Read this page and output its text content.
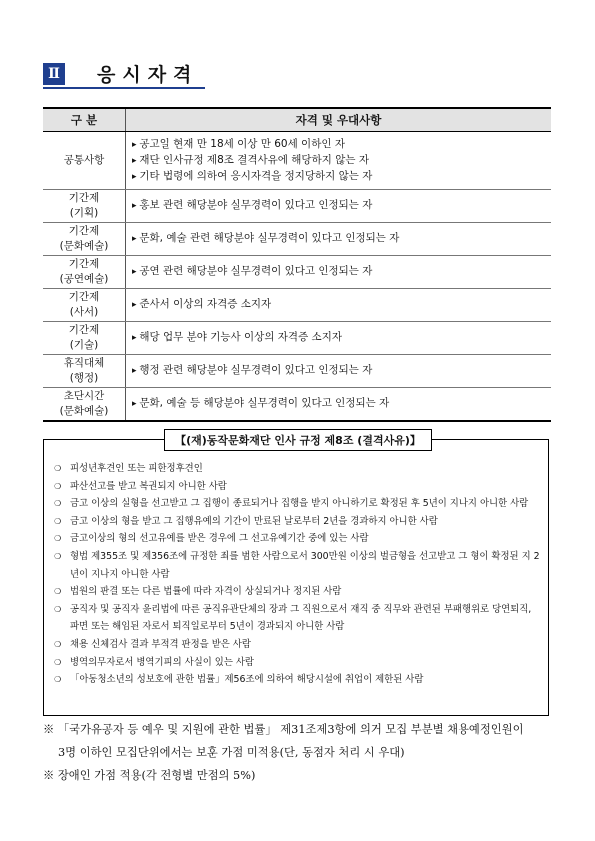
Ⅱ 응시자격
구 분	자격 및 우대사항

공통사항	▸ 공고일 현재 만 18세 이상 만 60세 이하인 자
▸ 재단 인사규정 제8조 결격사유에 해당하지 않는 자
▸ 기타 법령에 의하여 응시자격을 정지당하지 않는 자

기간제
(기획)	▸ 홍보 관련 해당분야 실무경력이 있다고 인정되는 자

기간제
(문화예술)	▸ 문화, 예술 관련 해당분야 실무경력이 있다고 인정되는 자

기간제
(공연예술)	▸ 공연 관련 해당분야 실무경력이 있다고 인정되는 자

기간제
(사서)	▸ 준사서 이상의 자격증 소지자

기간제
(기술)	▸ 해당 업무 분야 기능사 이상의 자격증 소지자

휴직대체
(행정)	▸ 행정 관련 해당분야 실무경력이 있다고 인정되는 자

초단시간
(문화예술)	▸ 문화, 예술 등 해당분야 실무경력이 있다고 인정되는 자
【(재)동작문화재단 인사 규정 제8조 (결격사유)】
❍ 피성년후견인 또는 피한정후견인
❍ 파산선고를 받고 복권되지 아니한 사람
❍ 금고 이상의 실형을 선고받고 그 집행이 종료되거나 집행을 받지 아니하기로 확정된 후 5년이 지나지 아니한 사람
❍ 금고 이상의 형을 받고 그 집행유예의 기간이 만료된 날로부터 2년을 경과하지 아니한 사람
❍ 금고이상의 형의 선고유예를 받은 경우에 그 선고유예기간 중에 있는 사람
❍ 형법 제355조 및 제356조에 규정한 죄를 범한 사람으로서 300만원 이상의 벌금형을 선고받고 그 형이 확정된 지 2년이 지나지 아니한 사람
❍ 법원의 판결 또는 다른 법률에 따라 자격이 상실되거나 정지된 사람
❍ 공직자 및 공직자 윤리법에 따른 공직유관단체의 장과 그 직원으로서 재직 중 직무와 관련된 부패행위로 당연퇴직, 파면 또는 해임된 자로서 퇴직일로부터 5년이 경과되지 아니한 사람
❍ 채용 신체검사 결과 부적격 판정을 받은 사람
❍ 병역의무자로서 병역기피의 사실이 있는 사람
❍ 「아동청소년의 성보호에 관한 법률」제56조에 의하여 해당시설에 취업이 제한된 사람

※ 「국가유공자 등 예우 및 지원에 관한 법률」 제31조제3항에 의거 모집 부분별 채용예정인원이

3명 이하인 모집단위에서는 보훈 가점 미적용(단, 동점자 처리 시 우대)

※ 장애인 가점 적용(각 전형별 만점의 5%)
